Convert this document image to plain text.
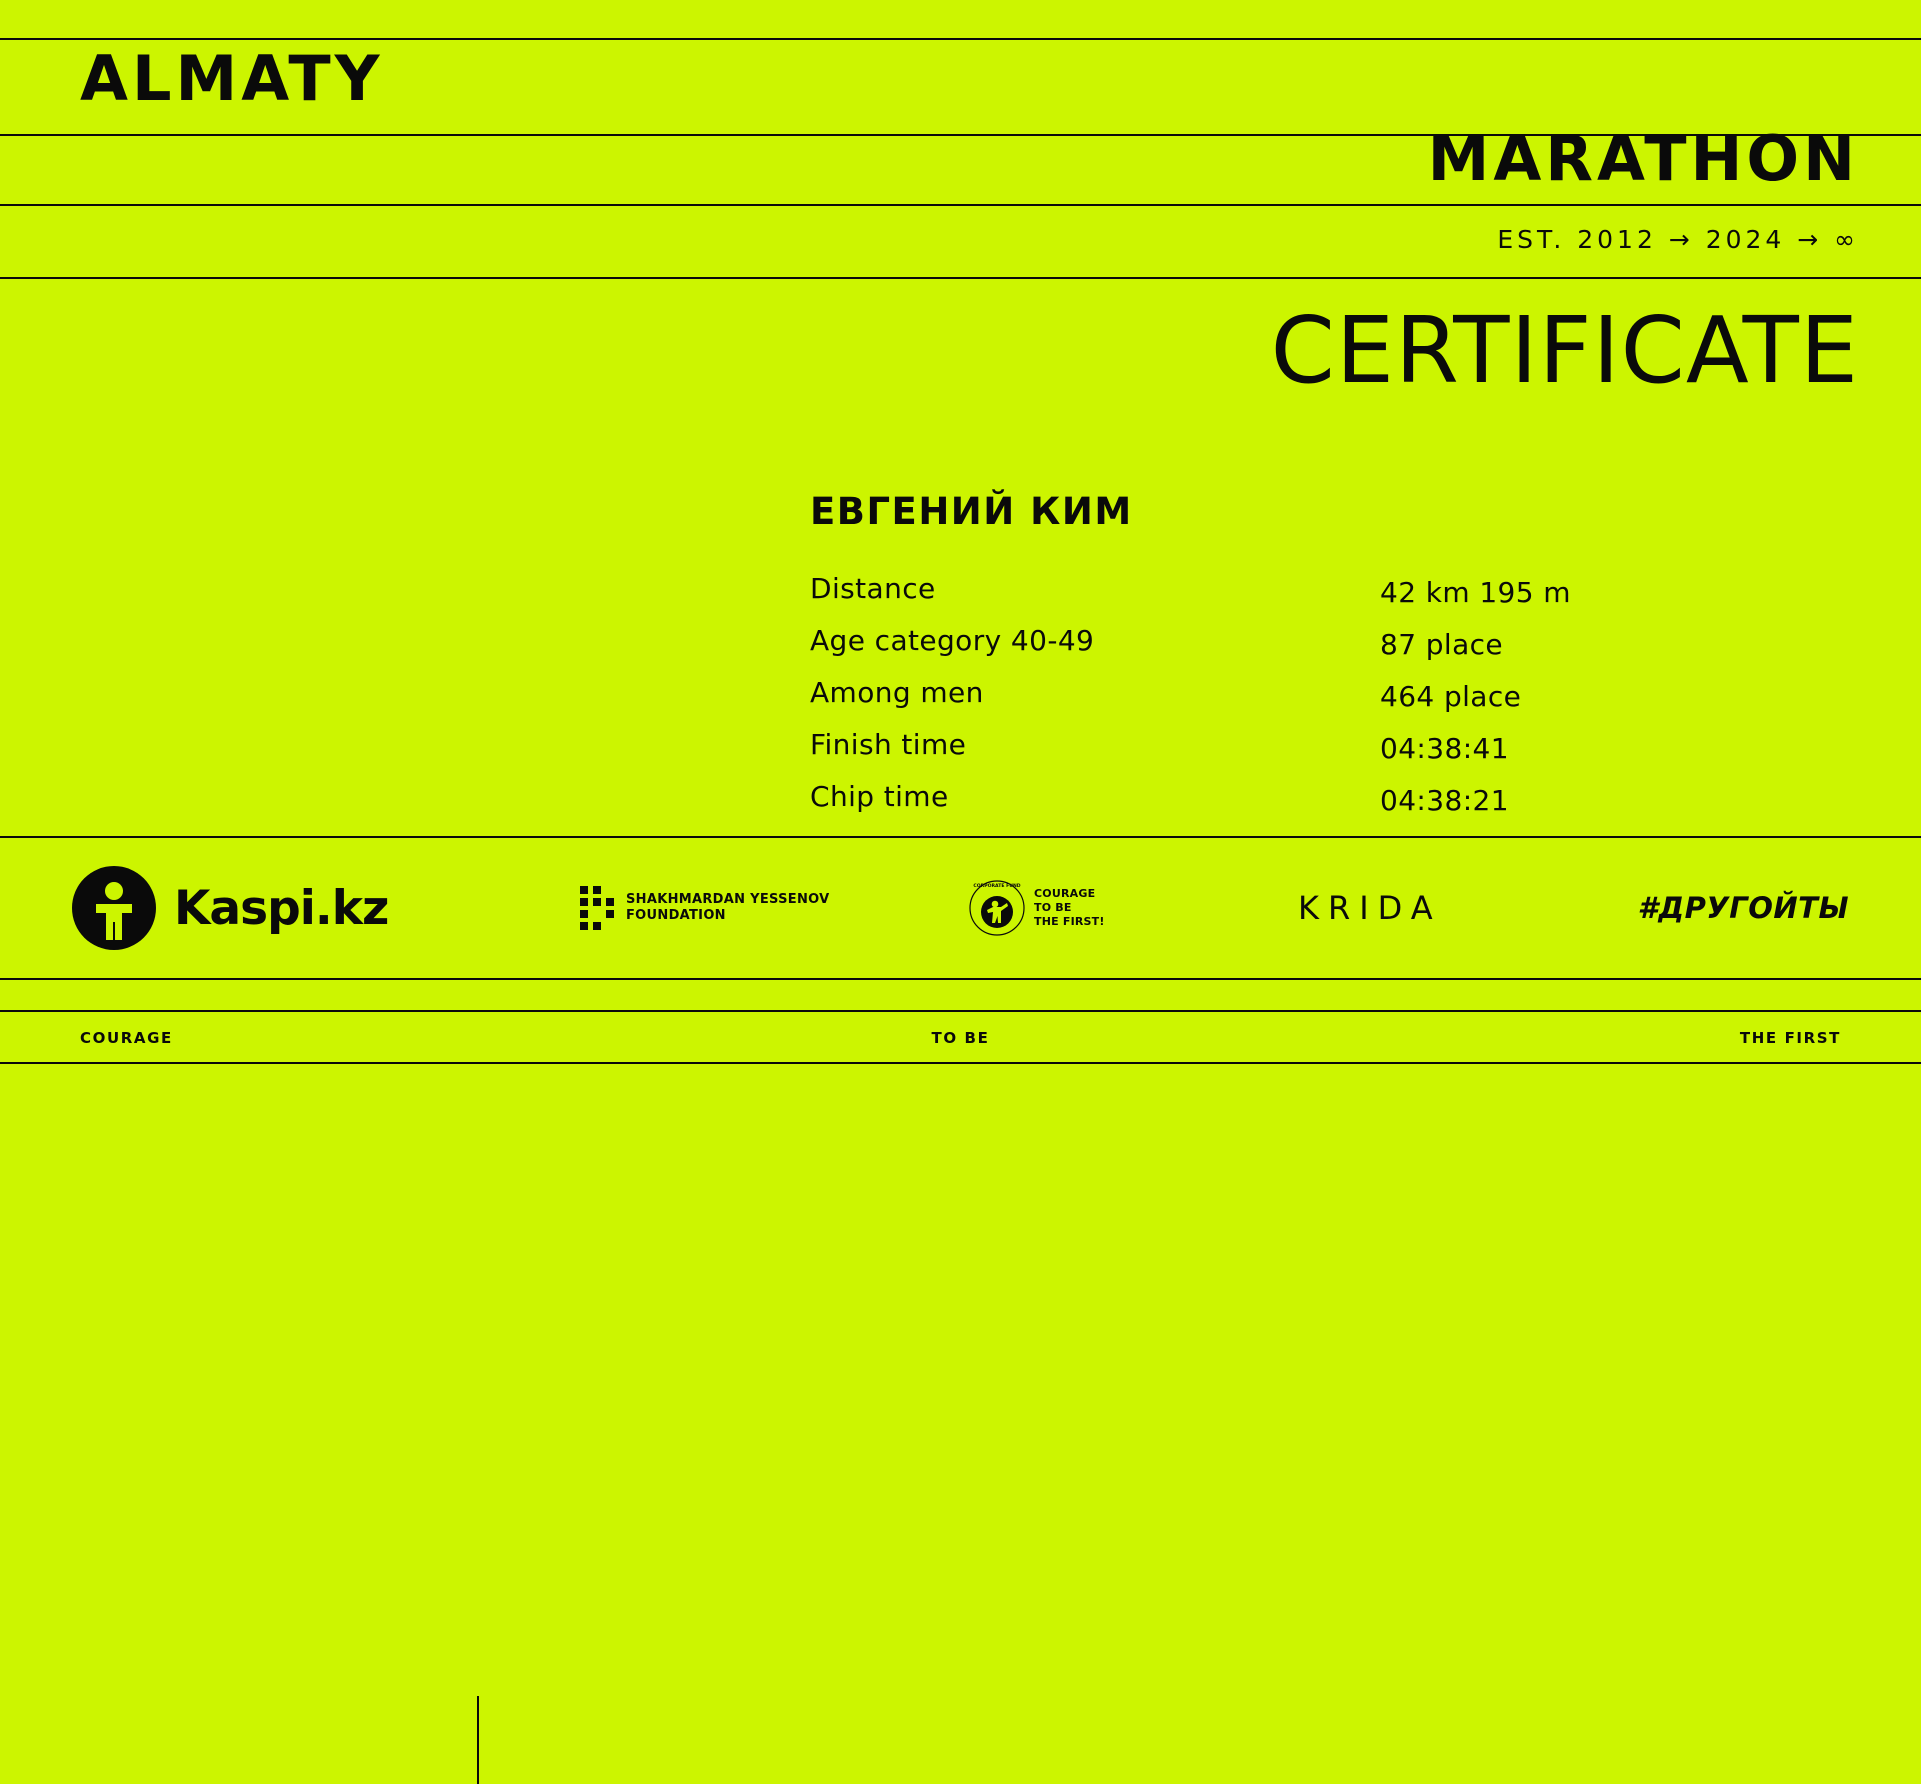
ALMATY
MARATHON
EST. 2012 → 2024 → ∞
CERTIFICATE
ЕВГЕНИЙ КИМ
Distance	42 km 195 m
Age category 40-49	87 place
Among men	464 place
Finish time	04:38:41
Chip time	04:38:21
Kaspi.kz	SHAKHMARDAN YESSENOV
FOUNDATION
CORPORATE FUND
COURAGE
TO BE
THE FIRST!	KRIDA	#ДРУГОЙТЫ
COURAGE	TO BE	THE FIRST
